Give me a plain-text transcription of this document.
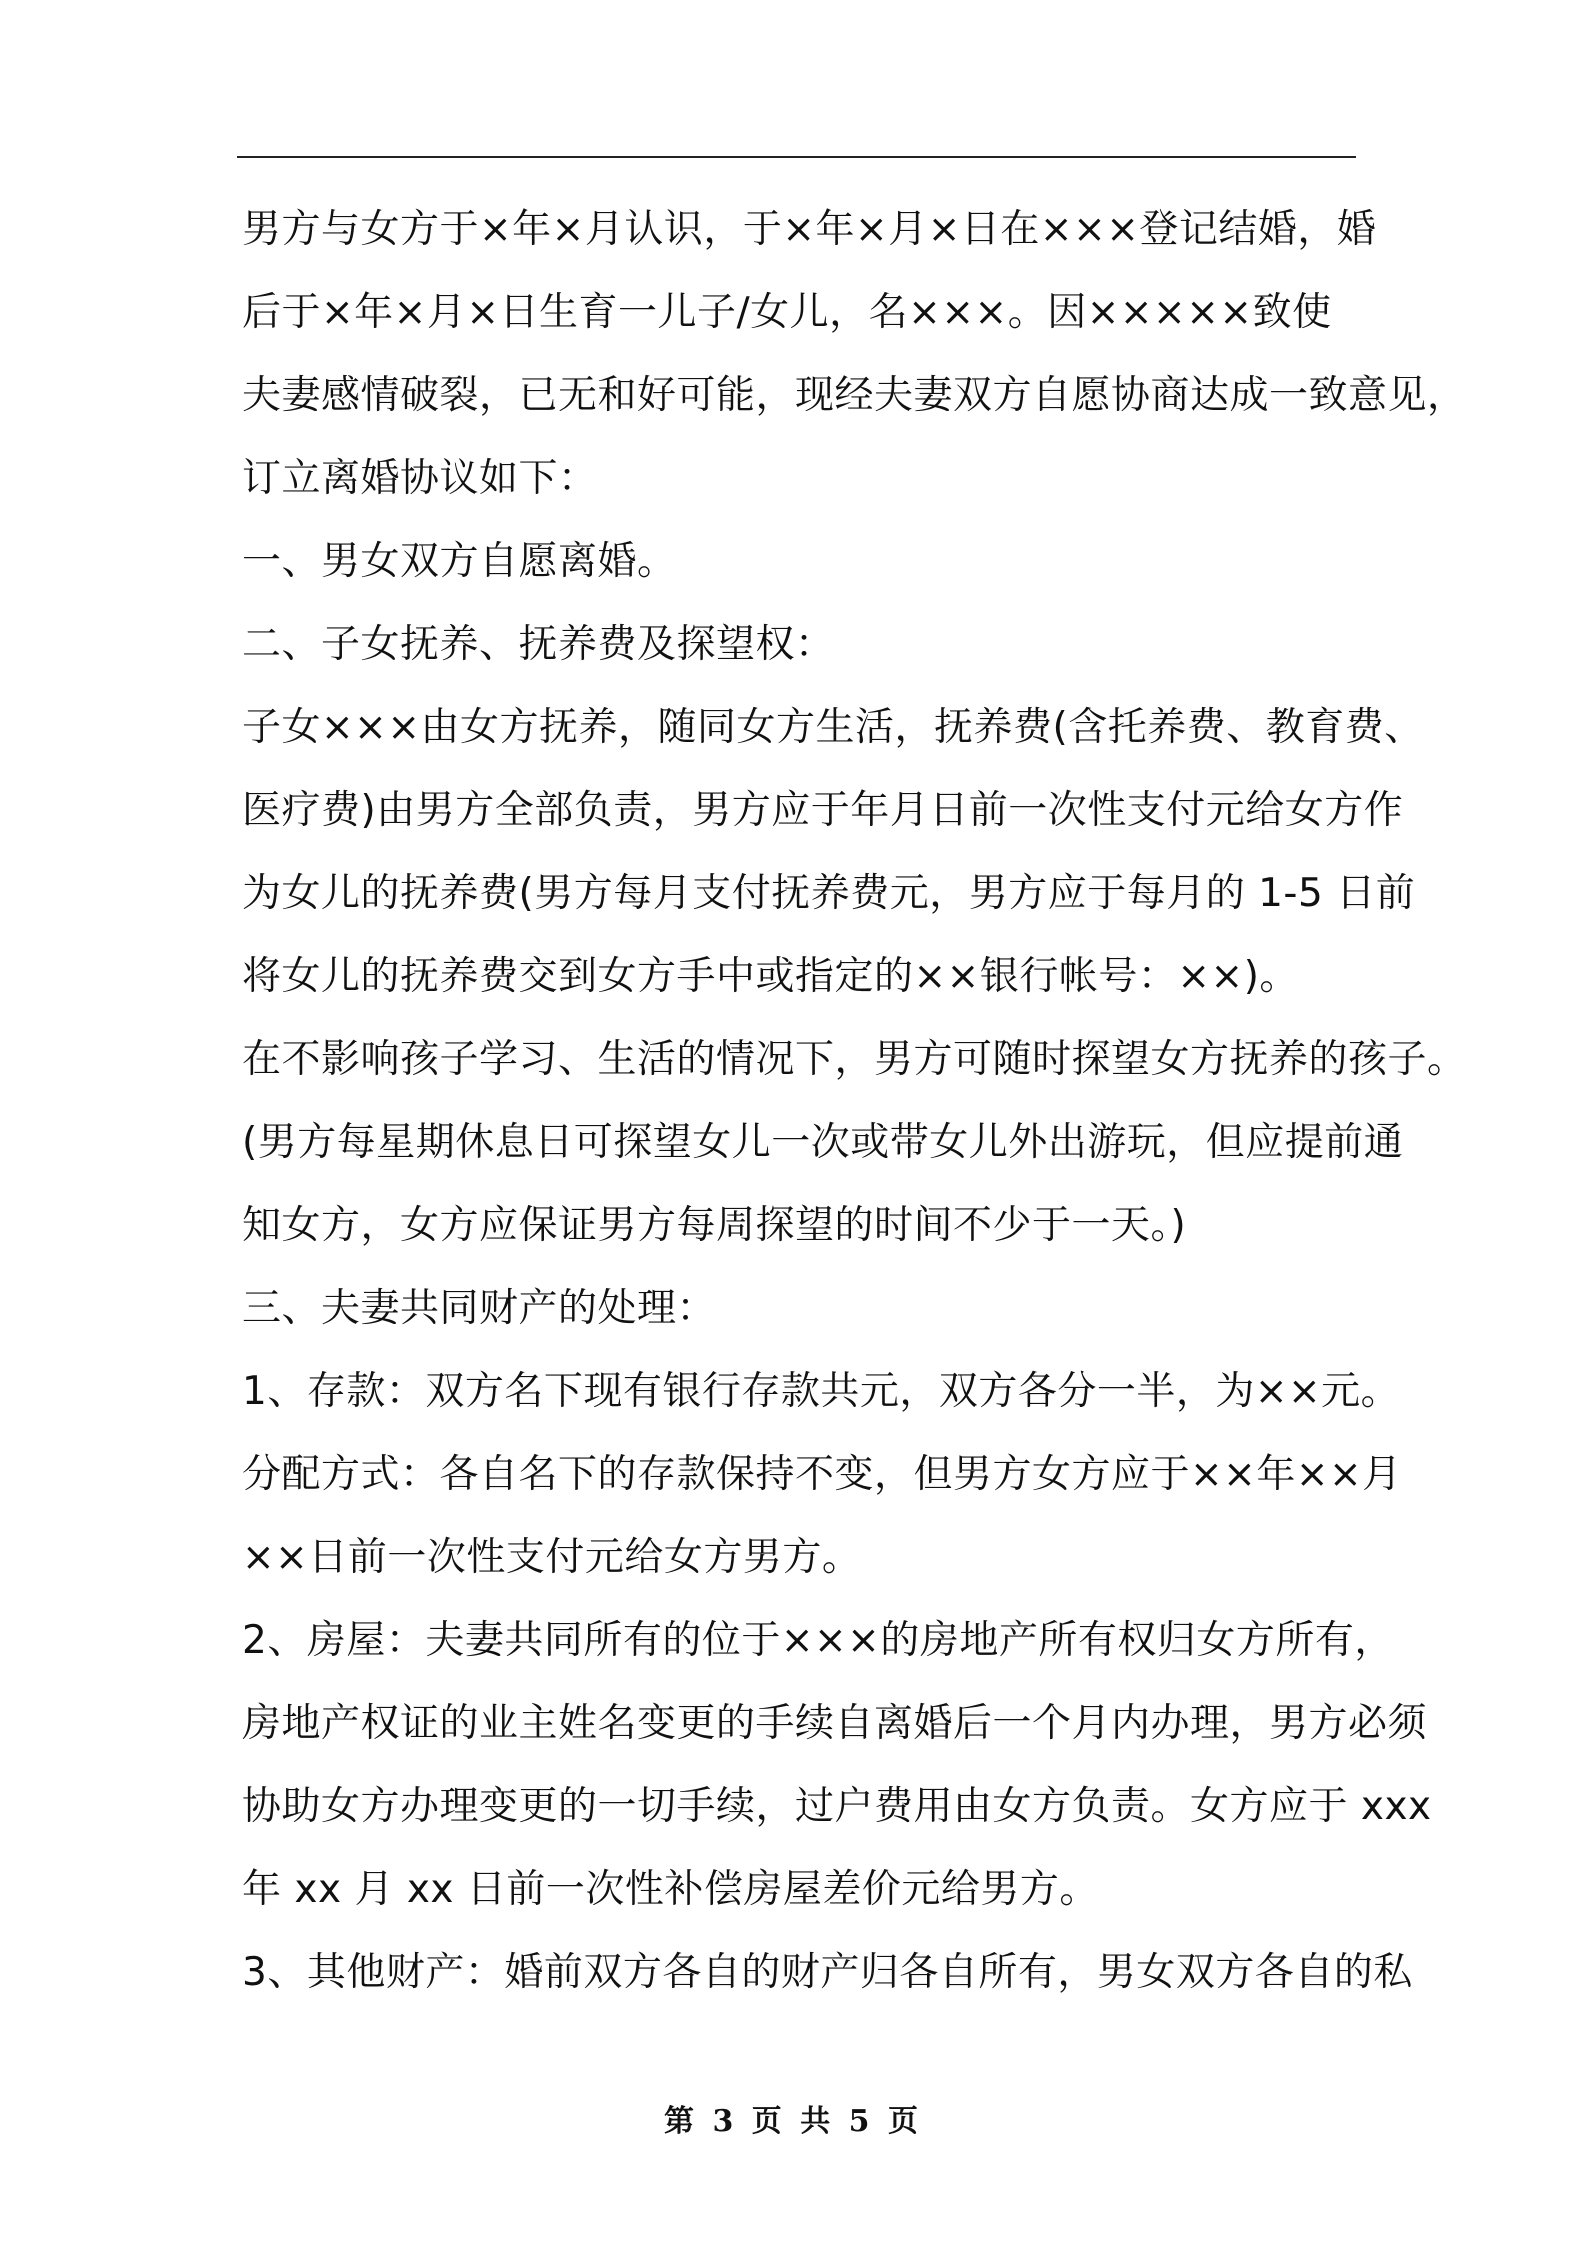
男方与女方于×年×月认识，于×年×月×日在×××登记结婚，婚
后于×年×月×日生育一儿子/女儿，名×××。因×××××致使
夫妻感情破裂，已无和好可能，现经夫妻双方自愿协商达成一致意见，
订立离婚协议如下：
一、男女双方自愿离婚。
二、子女抚养、抚养费及探望权：
子女×××由女方抚养，随同女方生活，抚养费(含托养费、教育费、
医疗费)由男方全部负责，男方应于年月日前一次性支付元给女方作
为女儿的抚养费(男方每月支付抚养费元，男方应于每月的 1-5 日前
将女儿的抚养费交到女方手中或指定的××银行帐号：××)。
在不影响孩子学习、生活的情况下，男方可随时探望女方抚养的孩子。
(男方每星期休息日可探望女儿一次或带女儿外出游玩，但应提前通
知女方，女方应保证男方每周探望的时间不少于一天。)
三、夫妻共同财产的处理：
1、存款：双方名下现有银行存款共元，双方各分一半，为××元。
分配方式：各自名下的存款保持不变，但男方女方应于××年××月
××日前一次性支付元给女方男方。
2、房屋：夫妻共同所有的位于×××的房地产所有权归女方所有，
房地产权证的业主姓名变更的手续自离婚后一个月内办理，男方必须
协助女方办理变更的一切手续，过户费用由女方负责。女方应于 xxx
年 xx 月 xx 日前一次性补偿房屋差价元给男方。
3、其他财产：婚前双方各自的财产归各自所有，男女双方各自的私
第 3 页 共 5 页
